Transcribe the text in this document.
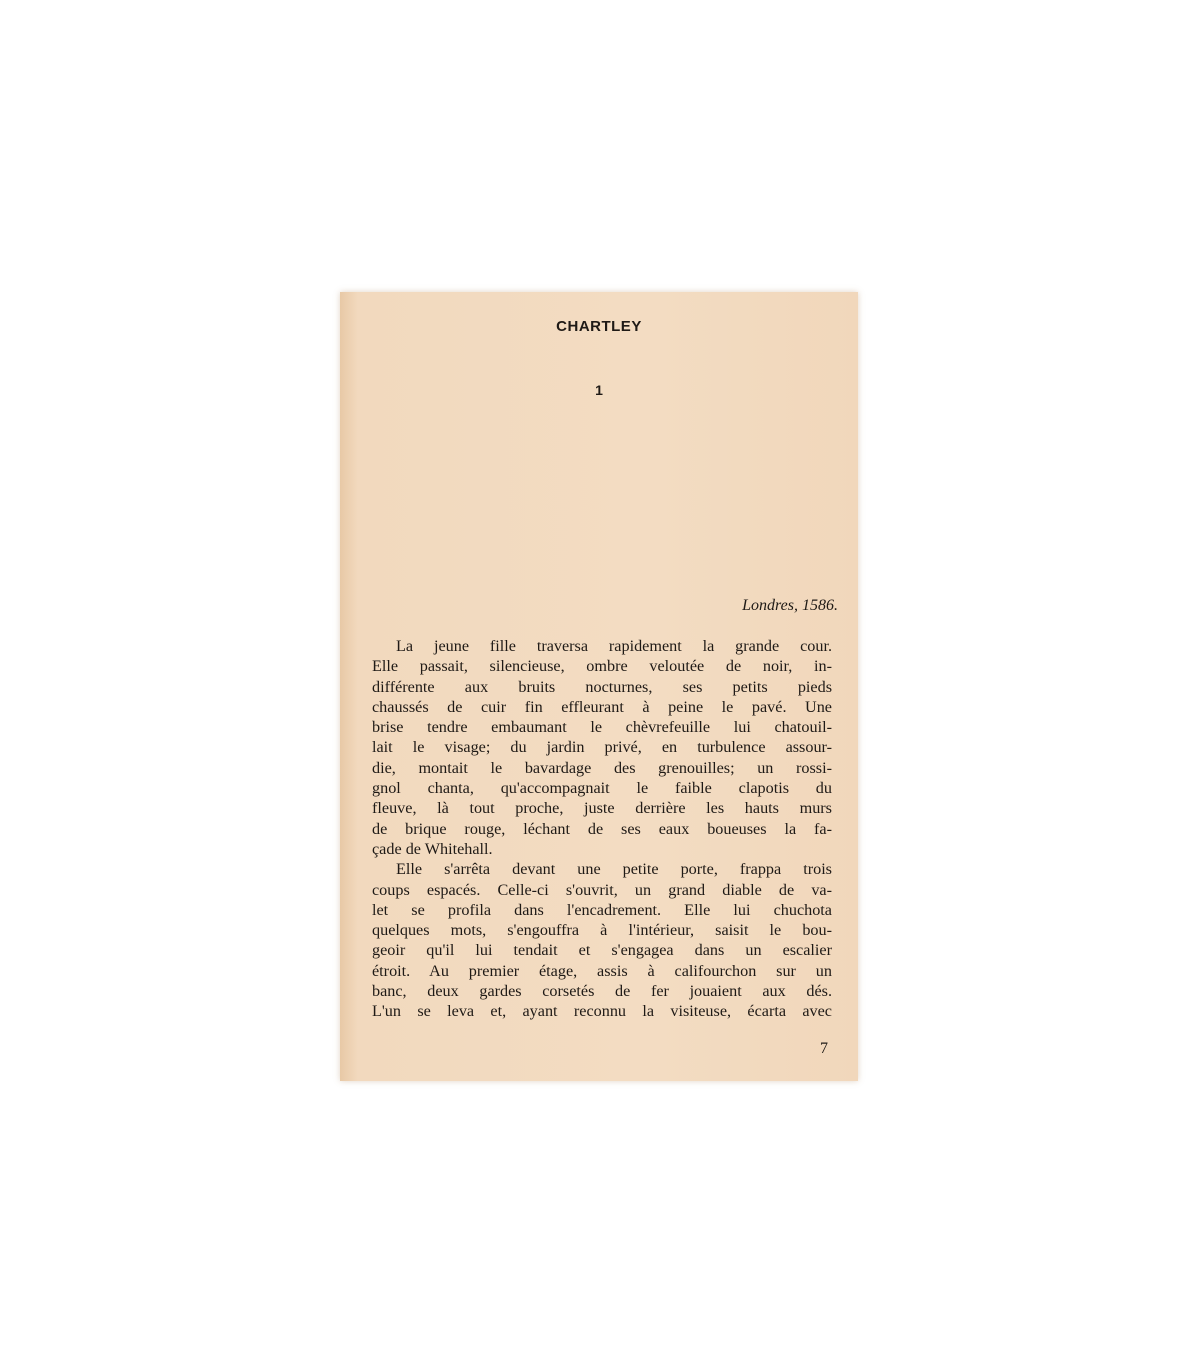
CHARTLEY
1
Londres, 1586.
La jeune fille traversa rapidement la grande cour.
Elle passait, silencieuse, ombre veloutée de noir, in-
différente aux bruits nocturnes, ses petits pieds
chaussés de cuir fin effleurant à peine le pavé. Une
brise tendre embaumant le chèvrefeuille lui chatouil-
lait le visage; du jardin privé, en turbulence assour-
die, montait le bavardage des grenouilles; un rossi-
gnol chanta, qu'accompagnait le faible clapotis du
fleuve, là tout proche, juste derrière les hauts murs
de brique rouge, léchant de ses eaux boueuses la fa-
çade de Whitehall.
Elle s'arrêta devant une petite porte, frappa trois
coups espacés. Celle-ci s'ouvrit, un grand diable de va-
let se profila dans l'encadrement. Elle lui chuchota
quelques mots, s'engouffra à l'intérieur, saisit le bou-
geoir qu'il lui tendait et s'engagea dans un escalier
étroit. Au premier étage, assis à califourchon sur un
banc, deux gardes corsetés de fer jouaient aux dés.
L'un se leva et, ayant reconnu la visiteuse, écarta avec
7
